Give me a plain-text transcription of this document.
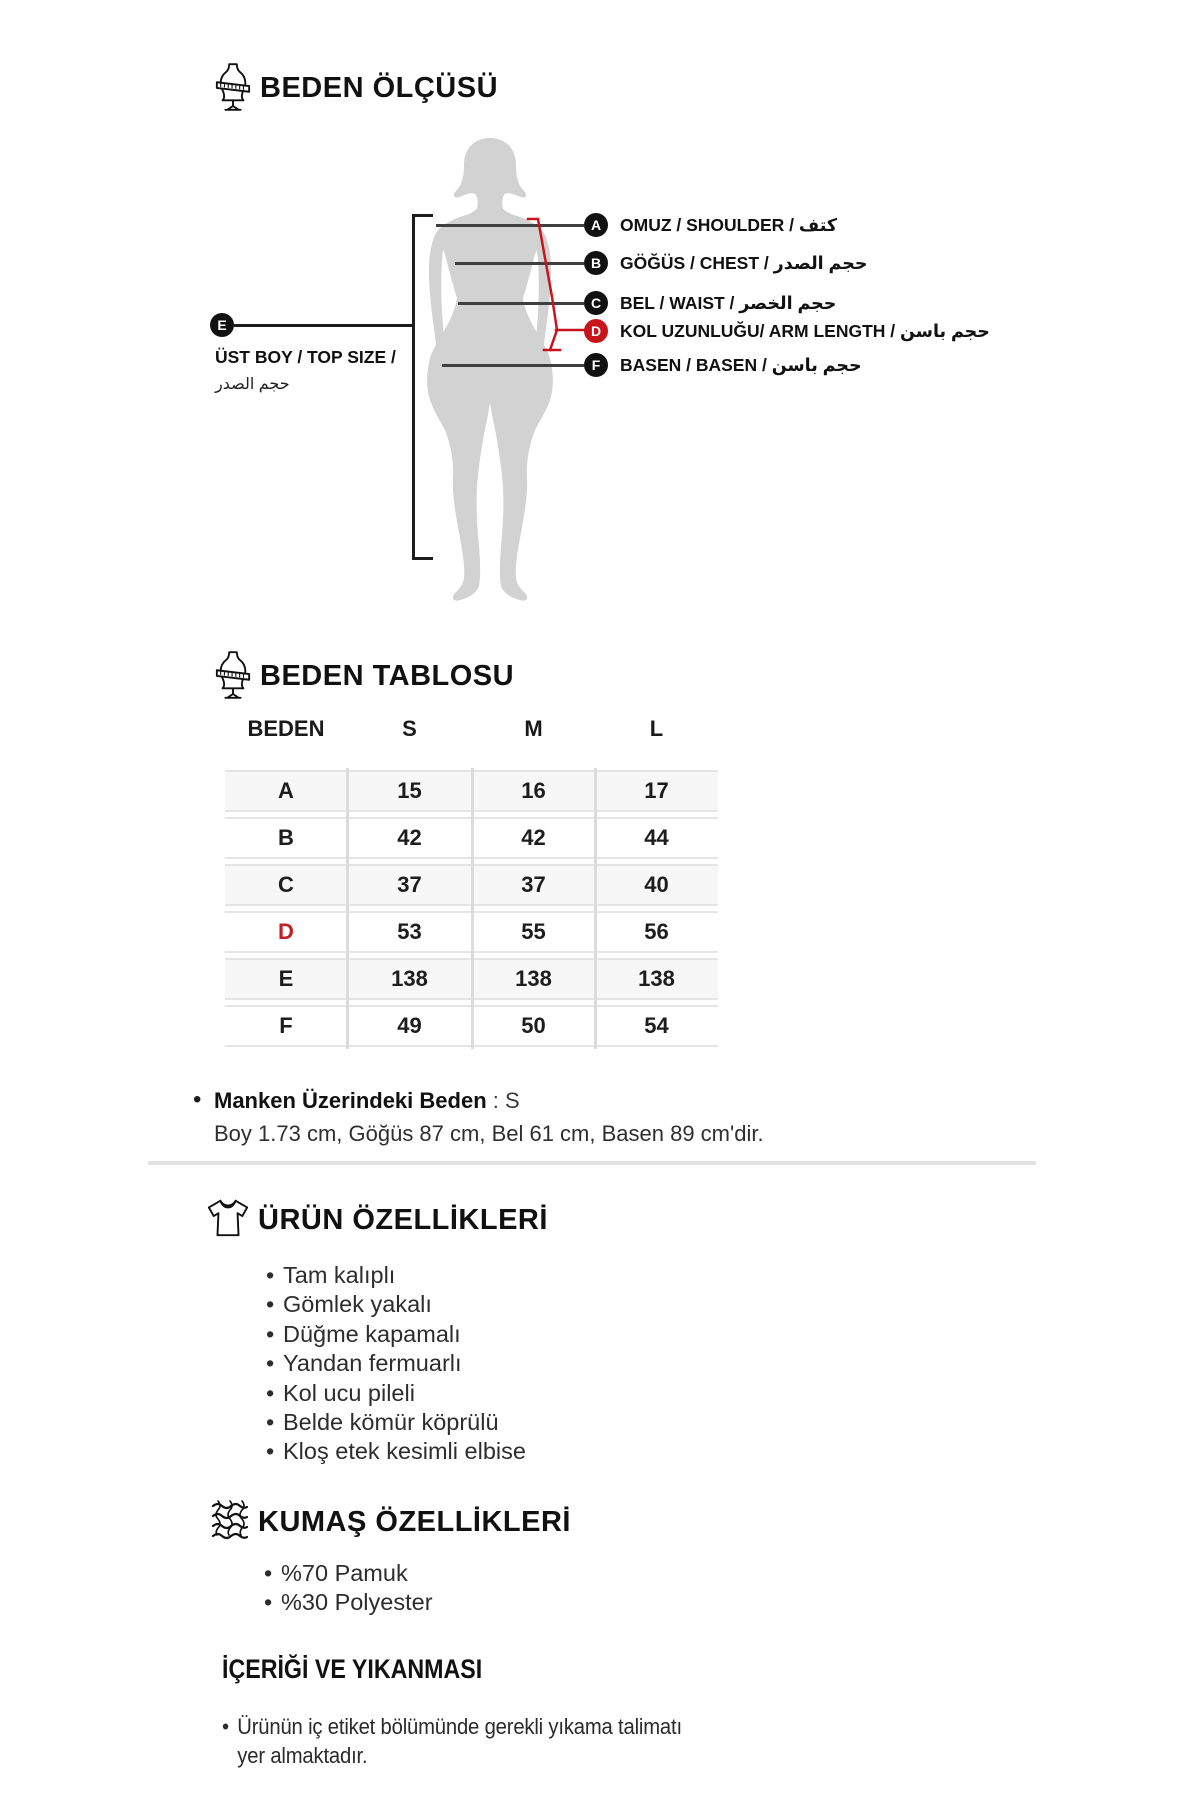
BEDEN ÖLÇÜSÜ
A
B
C
D
F
OMUZ / SHOULDER / كتف
GÖĞÜS / CHEST / حجم الصدر
BEL / WAIST / حجم الخصر
KOL UZUNLUĞU/ ARM LENGTH / حجم باسن
BASEN / BASEN / حجم باسن
E
ÜST BOY / TOP SIZE /
حجم الصدر
BEDEN TABLOSU
BEDEN	S	M	L
A	15	16	17
B	42	42	44
C	37	37	40
D	53	55	56
E	138	138	138
F	49	50	54
• Manken Üzerindeki Beden : S
Boy 1.73 cm, Göğüs 87 cm, Bel 61 cm, Basen 89 cm'dir.
ÜRÜN ÖZELLİKLERİ
• Tam kalıplı
• Gömlek yakalı
• Düğme kapamalı
• Yandan fermuarlı
• Kol ucu pileli
• Belde kömür köprülü
• Kloş etek kesimli elbise
KUMAŞ ÖZELLİKLERİ
• %70 Pamuk
• %30 Polyester
İÇERİĞİ VE YIKANMASI
• Ürünün iç etiket bölümünde gerekli yıkama talimatı yer almaktadır.
